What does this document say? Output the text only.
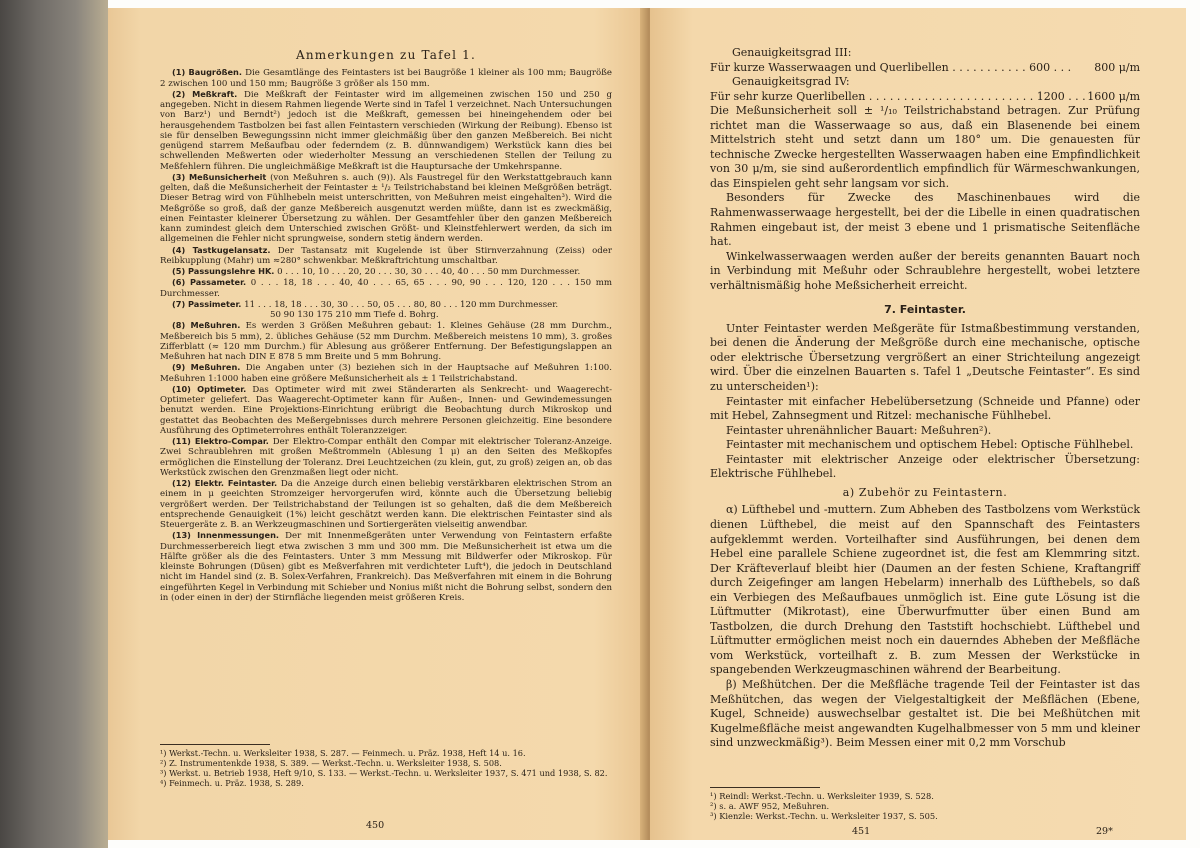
Anmerkungen zu Tafel 1.

(1) Baugrößen. Die Gesamtlänge des Feintasters ist bei Baugröße 1 kleiner als 100 mm; Baugröße 2 zwischen 100 und 150 mm; Baugröße 3 größer als 150 mm.

(2) Meßkraft. Die Meßkraft der Feintaster wird im allgemeinen zwischen 150 und 250 g angegeben. Nicht in diesem Rahmen liegende Werte sind in Tafel 1 verzeichnet. Nach Untersuchungen von Barz¹) und Berndt²) jedoch ist die Meßkraft, gemessen bei hineingehendem oder bei herausgehendem Tastbolzen bei fast allen Feintastern verschieden (Wirkung der Reibung). Ebenso ist sie für denselben Bewegungssinn nicht immer gleichmäßig über den ganzen Meßbereich. Bei nicht genügend starrem Meßaufbau oder federndem (z. B. dünnwandigem) Werkstück kann dies bei schwellenden Meßwerten oder wiederholter Messung an verschiedenen Stellen der Teilung zu Meßfehlern führen. Die ungleichmäßige Meßkraft ist die Hauptursache der Umkehrspanne.

(3) Meßunsicherheit (von Meßuhren s. auch (9)). Als Faustregel für den Werkstattgebrauch kann gelten, daß die Meßunsicherheit der Feintaster ± ¹/₂ Teilstrichabstand bei kleinen Meßgrößen beträgt. Dieser Betrag wird von Fühlhebeln meist unterschritten, von Meßuhren meist eingehalten³). Wird die Meßgröße so groß, daß der ganze Meßbereich ausgenutzt werden müßte, dann ist es zweckmäßig, einen Feintaster kleinerer Übersetzung zu wählen. Der Gesamtfehler über den ganzen Meßbereich kann zumindest gleich dem Unterschied zwischen Größt- und Kleinstfehlerwert werden, da sich im allgemeinen die Fehler nicht sprungweise, sondern stetig ändern werden.

(4) Tastkugelansatz. Der Tastansatz mit Kugelende ist über Stirnverzahnung (Zeiss) oder Reibkupplung (Mahr) um ≈280° schwenkbar. Meßkraftrichtung umschaltbar.

(5) Passungslehre HK. 0 . . . 10, 10 . . . 20, 20 . . . 30, 30 . . . 40, 40 . . . 50 mm Durchmesser.

(6) Passameter. 0 . . . 18, 18 . . . 40, 40 . . . 65, 65 . . . 90, 90 . . . 120, 120 . . . 150 mm Durchmesser.

(7) Passimeter. 11 . . . 18, 18 . . . 30, 30 . . . 50, 05 . . . 80, 80 . . . 120 mm Durchmesser.

50 90 130 175 210 mm Tiefe d. Bohrg.

(8) Meßuhren. Es werden 3 Größen Meßuhren gebaut: 1. Kleines Gehäuse (28 mm Durchm., Meßbereich bis 5 mm), 2. übliches Gehäuse (52 mm Durchm. Meßbereich meistens 10 mm), 3. großes Zifferblatt (≈ 120 mm Durchm.) für Ablesung aus größerer Entfernung. Der Befestigungslappen an Meßuhren hat nach DIN E 878 5 mm Breite und 5 mm Bohrung.

(9) Meßuhren. Die Angaben unter (3) beziehen sich in der Hauptsache auf Meßuhren 1:100. Meßuhren 1:1000 haben eine größere Meßunsicherheit als ± 1 Teilstrichabstand.

(10) Optimeter. Das Optimeter wird mit zwei Ständerarten als Senkrecht- und Waagerecht-Optimeter geliefert. Das Waagerecht-Optimeter kann für Außen-, Innen- und Gewindemessungen benutzt werden. Eine Projektions-Einrichtung erübrigt die Beobachtung durch Mikroskop und gestattet das Beobachten des Meßergebnisses durch mehrere Personen gleichzeitig. Eine besondere Ausführung des Optimeterrohres enthält Toleranzzeiger.

(11) Elektro-Compar. Der Elektro-Compar enthält den Compar mit elektrischer Toleranz-Anzeige. Zwei Schraublehren mit großen Meßtrommeln (Ablesung 1 μ) an den Seiten des Meßkopfes ermöglichen die Einstellung der Toleranz. Drei Leuchtzeichen (zu klein, gut, zu groß) zeigen an, ob das Werkstück zwischen den Grenzmaßen liegt oder nicht.

(12) Elektr. Feintaster. Da die Anzeige durch einen beliebig verstärkbaren elektrischen Strom an einem in μ geeichten Stromzeiger hervorgerufen wird, könnte auch die Übersetzung beliebig vergrößert werden. Der Teilstrichabstand der Teilungen ist so gehalten, daß die dem Meßbereich entsprechende Genauigkeit (1%) leicht geschätzt werden kann. Die elektrischen Feintaster sind als Steuergeräte z. B. an Werkzeugmaschinen und Sortiergeräten vielseitig anwendbar.

(13) Innenmessungen. Der mit Innenmeßgeräten unter Verwendung von Feintastern erfaßte Durchmesserbereich liegt etwa zwischen 3 mm und 300 mm. Die Meßunsicherheit ist etwa um die Hälfte größer als die des Feintasters. Unter 3 mm Messung mit Bildwerfer oder Mikroskop. Für kleinste Bohrungen (Düsen) gibt es Meßverfahren mit verdichteter Luft⁴), die jedoch in Deutschland nicht im Handel sind (z. B. Solex-Verfahren, Frankreich). Das Meßverfahren mit einem in die Bohrung eingeführten Kegel in Verbindung mit Schieber und Nonius mißt nicht die Bohrung selbst, sondern den in (oder einen in der) der Stirnfläche liegenden meist größeren Kreis.

¹) Werkst.-Techn. u. Werksleiter 1938, S. 287. — Feinmech. u. Präz. 1938, Heft 14 u. 16.

²) Z. Instrumentenkde 1938, S. 389. — Werkst.-Techn. u. Werksleiter 1938, S. 508.

³) Werkst. u. Betrieb 1938, Heft 9/10, S. 133. — Werkst.-Techn. u. Werksleiter 1937, S. 471 und 1938, S. 82.

⁴) Feinmech. u. Präz. 1938, S. 289.

450

Genauigkeitsgrad III:

Für kurze Wasserwaagen und Querlibellen . . . . . . . . . . . 600 . . . 800 μ/m

Genauigkeitsgrad IV:

Für sehr kurze Querlibellen . . . . . . . . . . . . . . . . . . . . . . . . 1200 . . . 1600 μ/m

Die Meßunsicherheit soll ± ¹/₁₀ Teilstrichabstand betragen. Zur Prüfung richtet man die Wasserwaage so aus, daß ein Blasenende bei einem Mittelstrich steht und setzt dann um 180° um. Die genauesten für technische Zwecke hergestellten Wasserwaagen haben eine Empfindlichkeit von 30 μ/m, sie sind außerordentlich empfindlich für Wärmeschwankungen, das Einspielen geht sehr langsam vor sich.

Besonders für Zwecke des Maschinenbaues wird die Rahmenwasserwaage hergestellt, bei der die Libelle in einen quadratischen Rahmen eingebaut ist, der meist 3 ebene und 1 prismatische Seitenfläche hat.

Winkelwasserwaagen werden außer der bereits genannten Bauart noch in Verbindung mit Meßuhr oder Schraublehre hergestellt, wobei letztere verhältnismäßig hohe Meßsicherheit erreicht.

7. Feintaster.

Unter Feintaster werden Meßgeräte für Istmaßbestimmung verstanden, bei denen die Änderung der Meßgröße durch eine mechanische, optische oder elektrische Übersetzung vergrößert an einer Strichteilung angezeigt wird. Über die einzelnen Bauarten s. Tafel 1 „Deutsche Feintaster“. Es sind zu unterscheiden¹):

Feintaster mit einfacher Hebelübersetzung (Schneide und Pfanne) oder mit Hebel, Zahnsegment und Ritzel: mechanische Fühlhebel.

Feintaster uhrenähnlicher Bauart: Meßuhren²).

Feintaster mit mechanischem und optischem Hebel: Optische Fühlhebel.

Feintaster mit elektrischer Anzeige oder elektrischer Übersetzung: Elektrische Fühlhebel.

a) Zubehör zu Feintastern.

α) Lüfthebel und -muttern. Zum Abheben des Tastbolzens vom Werkstück dienen Lüfthebel, die meist auf den Spannschaft des Feintasters aufgeklemmt werden. Vorteilhafter sind Ausführungen, bei denen dem Hebel eine parallele Schiene zugeordnet ist, die fest am Klemmring sitzt. Der Kräfteverlauf bleibt hier (Daumen an der festen Schiene, Kraftangriff durch Zeigefinger am langen Hebelarm) innerhalb des Lüfthebels, so daß ein Verbiegen des Meßaufbaues unmöglich ist. Eine gute Lösung ist die Lüftmutter (Mikrotast), eine Überwurfmutter über einen Bund am Tastbolzen, die durch Drehung den Taststift hochschiebt. Lüfthebel und Lüftmutter ermöglichen meist noch ein dauerndes Abheben der Meßfläche vom Werkstück, vorteilhaft z. B. zum Messen der Werkstücke in spangebenden Werkzeugmaschinen während der Bearbeitung.

β) Meßhütchen. Der die Meßfläche tragende Teil der Feintaster ist das Meßhütchen, das wegen der Vielgestaltigkeit der Meßflächen (Ebene, Kugel, Schneide) auswechselbar gestaltet ist. Die bei Meßhütchen mit Kugelmeßfläche meist angewandten Kugelhalbmesser von 5 mm und kleiner sind unzweckmäßig³). Beim Messen einer mit 0,2 mm Vorschub

¹) Reindl: Werkst.-Techn. u. Werksleiter 1939, S. 528.

²) s. a. AWF 952, Meßuhren.

³) Kienzle: Werkst.-Techn. u. Werksleiter 1937, S. 505.

451	29*
